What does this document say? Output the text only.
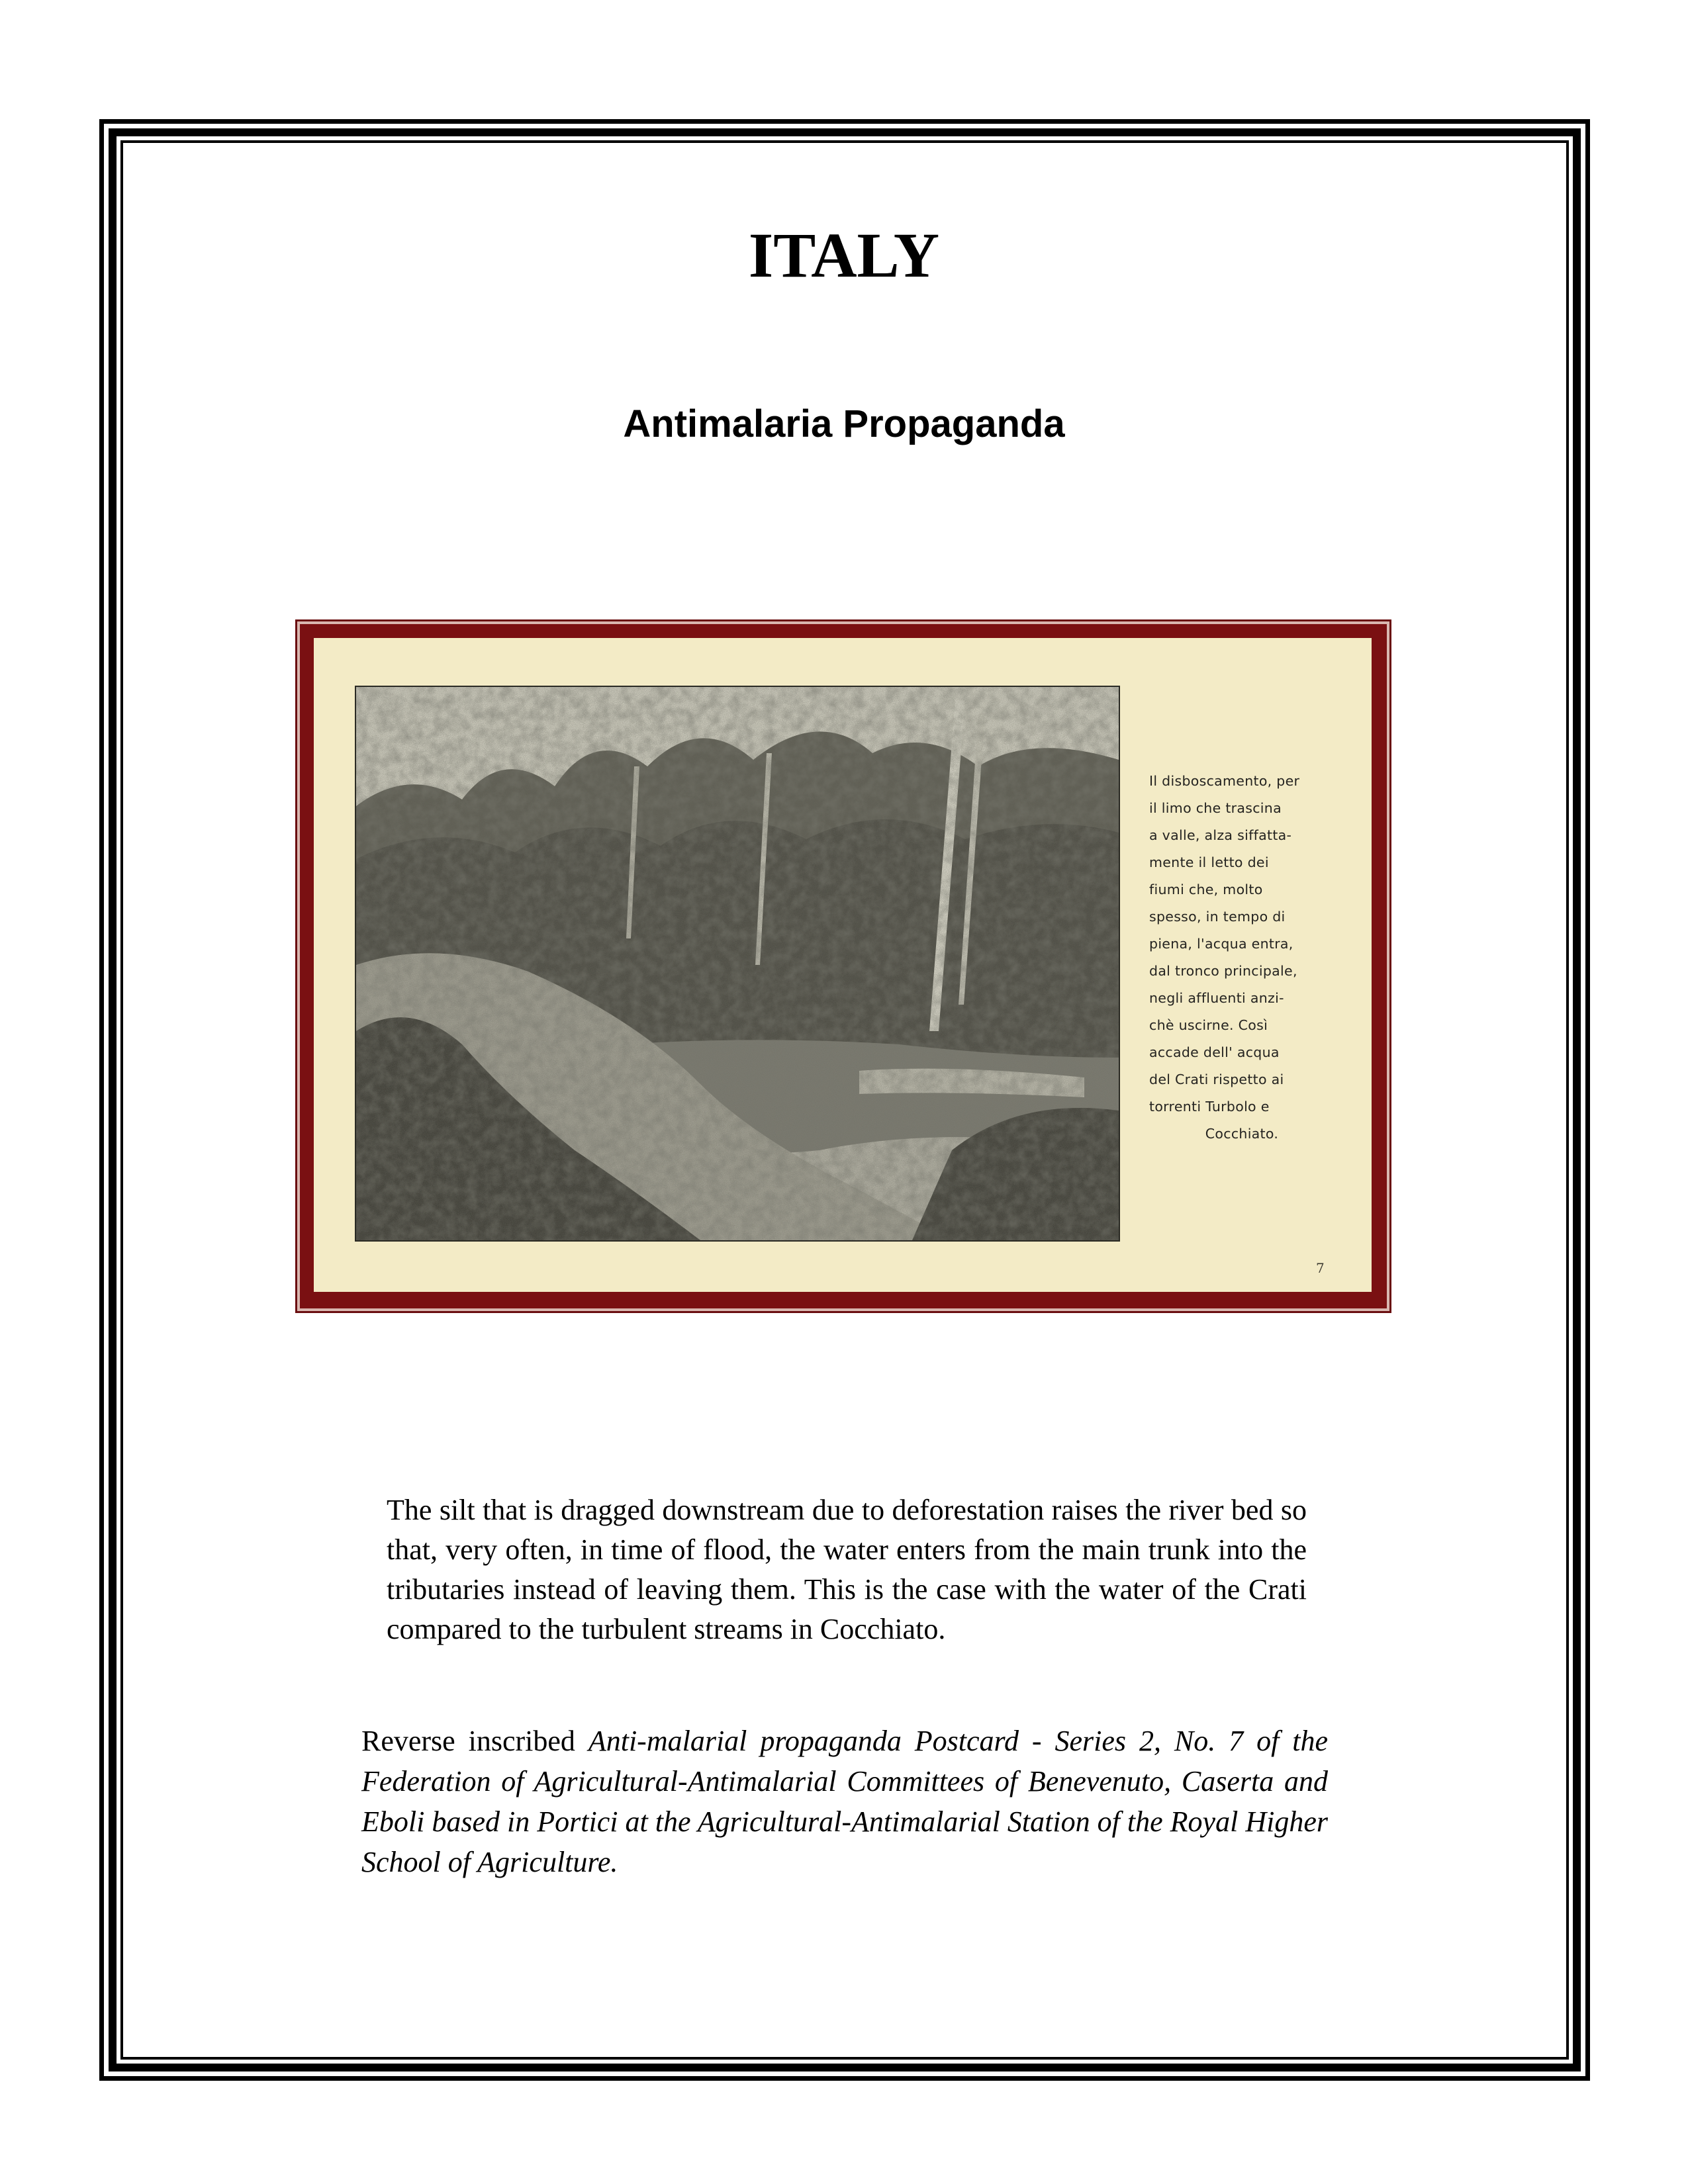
ITALY
Antimalaria Propaganda
Il disboscamento, per
il limo che trascina
a valle, alza siffatta-
mente il letto dei
fiumi che, molto
spesso, in tempo di
piena, l'acqua entra,
dal tronco principale,
negli affluenti anzi-
chè uscirne. Così
accade dell' acqua
del Crati rispetto ai
torrenti Turbolo e

Cocchiato.
7
The silt that is dragged downstream due to deforestation raises the river bed so that, very often, in time of flood, the water enters from the main trunk into the tributaries instead of leaving them. This is the case with the water of the Crati compared to the turbulent streams in Cocchiato.
Reverse inscribed Anti-malarial propaganda Postcard - Series 2, No. 7 of the Federation of Agricultural-Antimalarial Committees of Benevenuto, Caserta and Eboli based in Portici at the Agricultural-Antimalarial Station of the Royal Higher School of Agriculture.
